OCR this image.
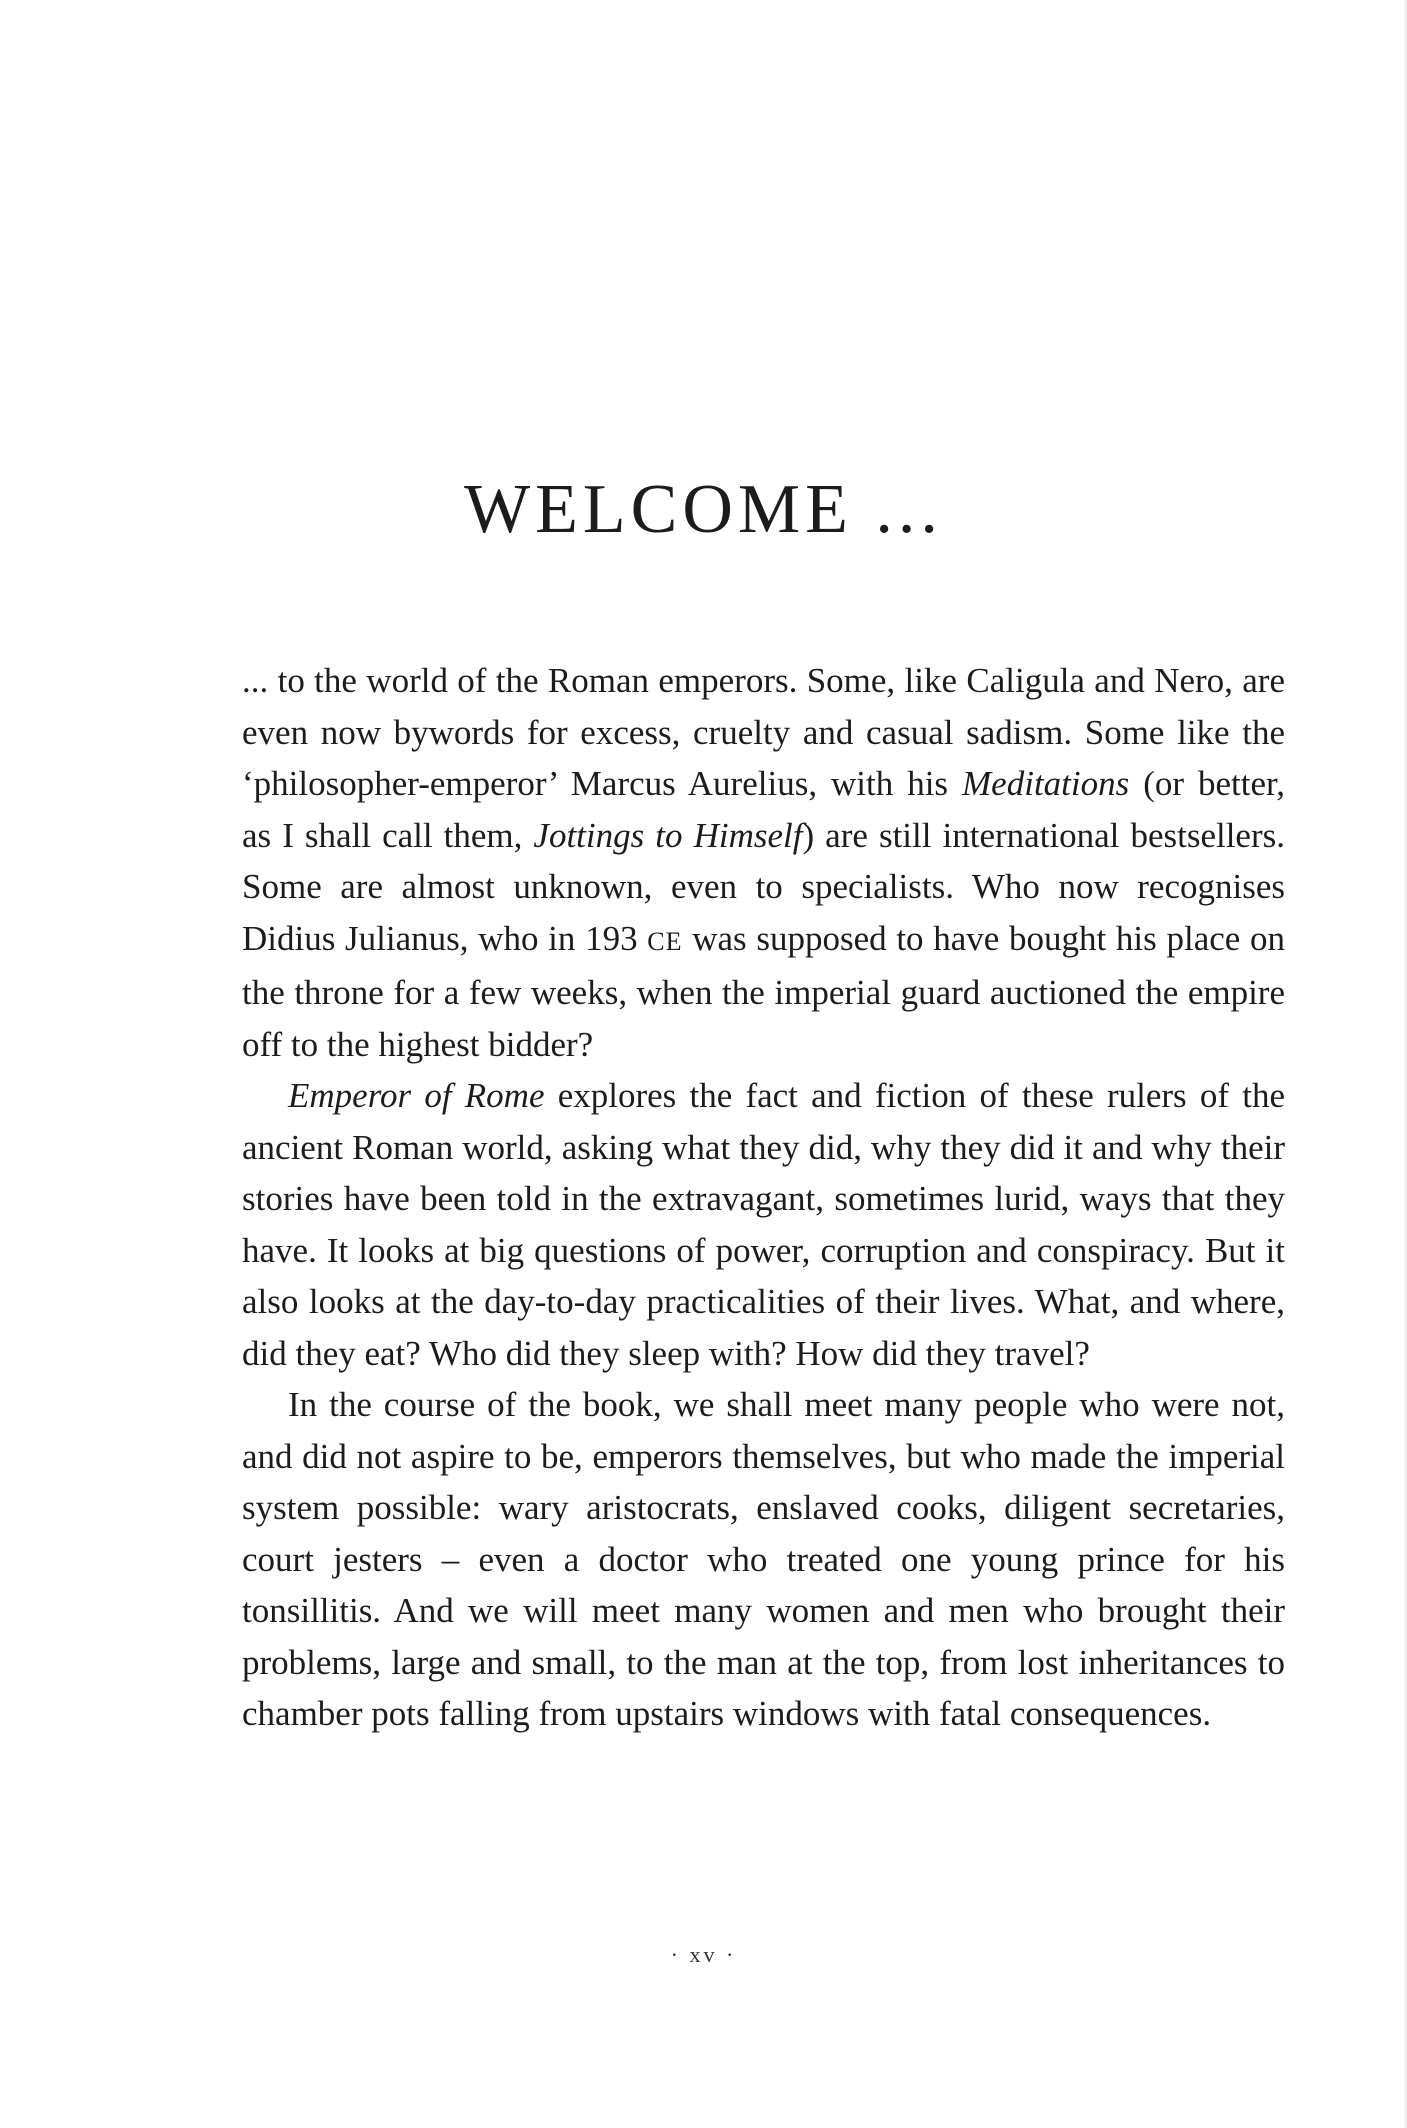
WELCOME ...

... to the world of the Roman emperors. Some, like Caligula and Nero, are even now bywords for excess, cruelty and casual sadism. Some like the ‘philosopher-emperor’ Marcus Aurelius, with his Meditations (or better, as I shall call them, Jottings to Himself) are still international bestsellers. Some are almost unknown, even to specialists. Who now recognises Didius Julianus, who in 193 CE was supposed to have bought his place on the throne for a few weeks, when the imperial guard auctioned the empire off to the highest bidder?

Emperor of Rome explores the fact and fiction of these rulers of the ancient Roman world, asking what they did, why they did it and why their stories have been told in the extravagant, sometimes lurid, ways that they have. It looks at big questions of power, corruption and conspiracy. But it also looks at the day-to-day practicalities of their lives. What, and where, did they eat? Who did they sleep with? How did they travel?

In the course of the book, we shall meet many people who were not, and did not aspire to be, emperors themselves, but who made the imperial system possible: wary aristocrats, enslaved cooks, diligent secretaries, court jesters – even a doctor who treated one young prince for his tonsillitis. And we will meet many women and men who brought their problems, large and small, to the man at the top, from lost inheritances to chamber pots falling from upstairs windows with fatal consequences.

· xv ·
